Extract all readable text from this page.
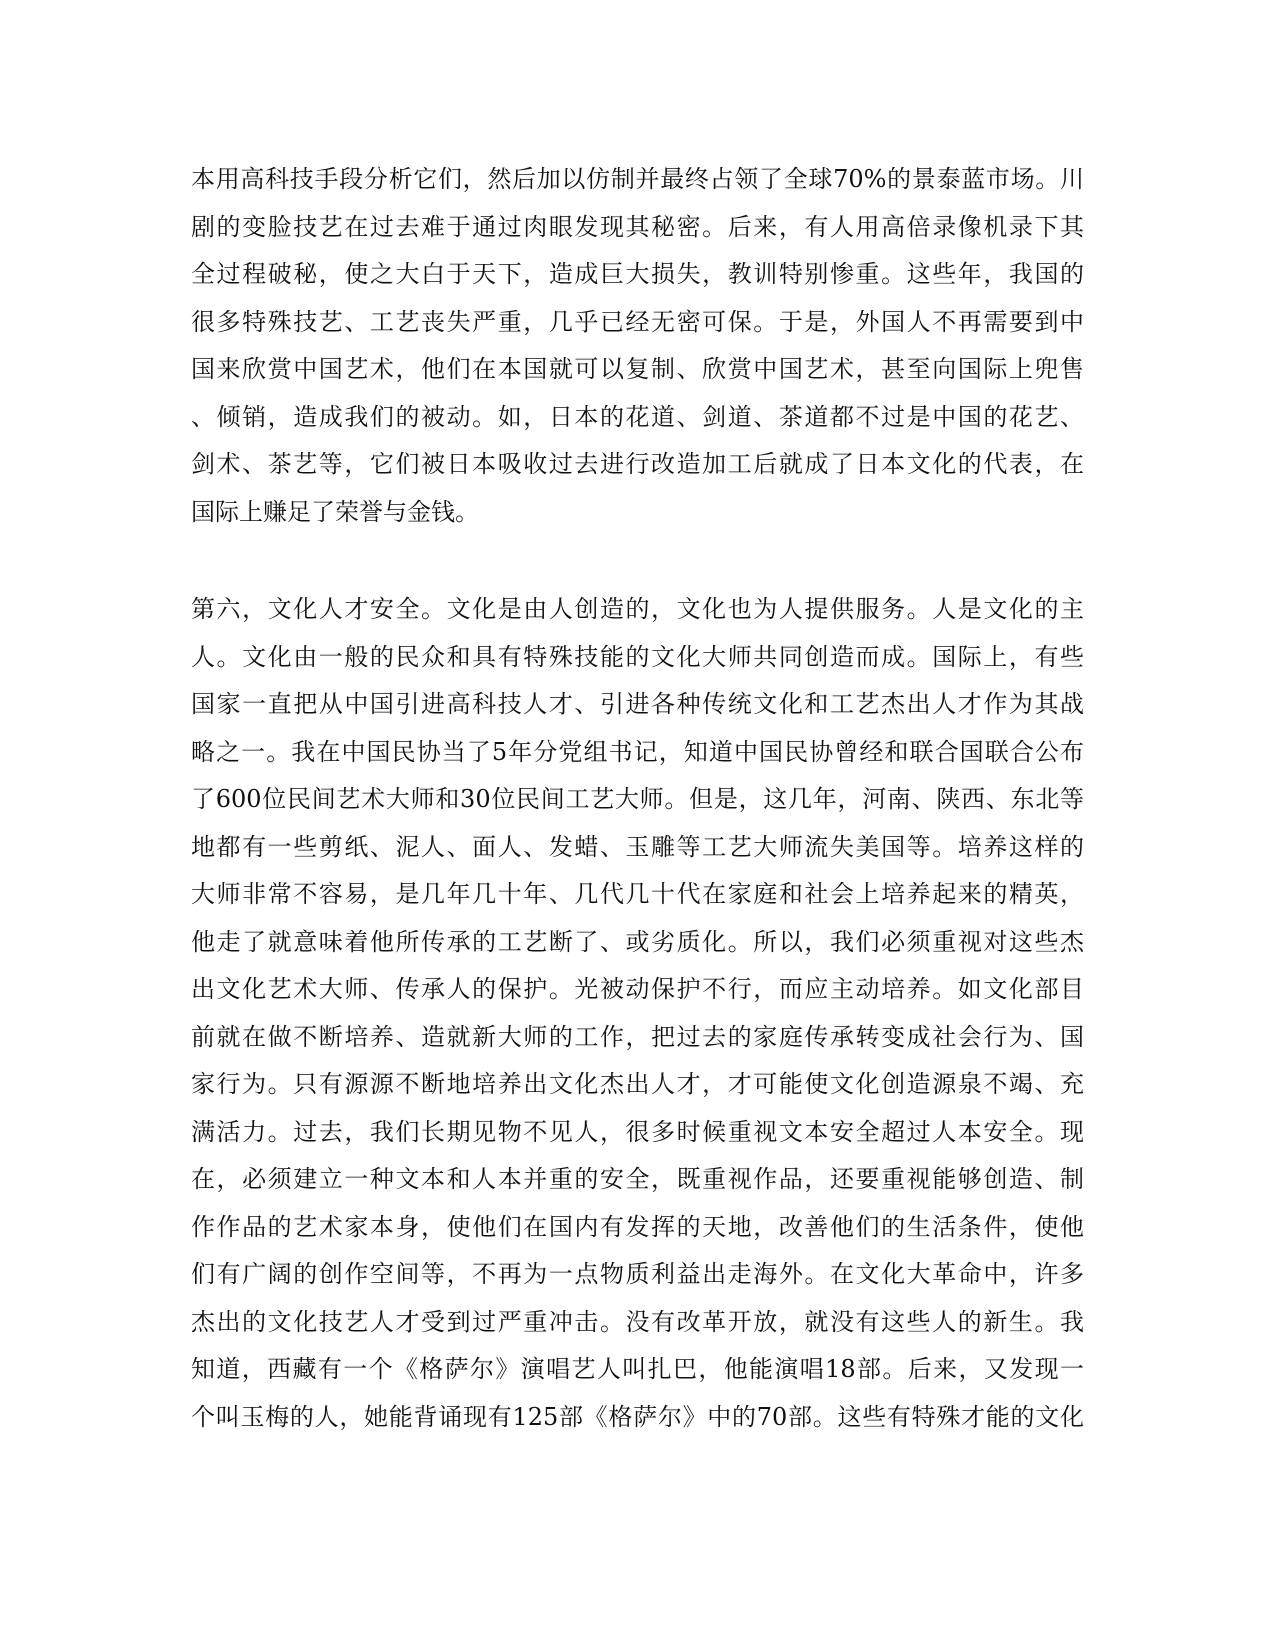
本用高科技手段分析它们，然后加以仿制并最终占领了全球70%的景泰蓝市场。川
剧的变脸技艺在过去难于通过肉眼发现其秘密。后来，有人用高倍录像机录下其
全过程破秘，使之大白于天下，造成巨大损失，教训特别惨重。这些年，我国的
很多特殊技艺、工艺丧失严重，几乎已经无密可保。于是，外国人不再需要到中
国来欣赏中国艺术，他们在本国就可以复制、欣赏中国艺术，甚至向国际上兜售
、倾销，造成我们的被动。如，日本的花道、剑道、茶道都不过是中国的花艺、
剑术、茶艺等，它们被日本吸收过去进行改造加工后就成了日本文化的代表，在
国际上赚足了荣誉与金钱。
第六，文化人才安全。文化是由人创造的，文化也为人提供服务。人是文化的主
人。文化由一般的民众和具有特殊技能的文化大师共同创造而成。国际上，有些
国家一直把从中国引进高科技人才、引进各种传统文化和工艺杰出人才作为其战
略之一。我在中国民协当了5年分党组书记，知道中国民协曾经和联合国联合公布
了600位民间艺术大师和30位民间工艺大师。但是，这几年，河南、陕西、东北等
地都有一些剪纸、泥人、面人、发蜡、玉雕等工艺大师流失美国等。培养这样的
大师非常不容易，是几年几十年、几代几十代在家庭和社会上培养起来的精英，
他走了就意味着他所传承的工艺断了、或劣质化。所以，我们必须重视对这些杰
出文化艺术大师、传承人的保护。光被动保护不行，而应主动培养。如文化部目
前就在做不断培养、造就新大师的工作，把过去的家庭传承转变成社会行为、国
家行为。只有源源不断地培养出文化杰出人才，才可能使文化创造源泉不竭、充
满活力。过去，我们长期见物不见人，很多时候重视文本安全超过人本安全。现
在，必须建立一种文本和人本并重的安全，既重视作品，还要重视能够创造、制
作作品的艺术家本身，使他们在国内有发挥的天地，改善他们的生活条件，使他
们有广阔的创作空间等，不再为一点物质利益出走海外。在文化大革命中，许多
杰出的文化技艺人才受到过严重冲击。没有改革开放，就没有这些人的新生。我
知道，西藏有一个《格萨尔》演唱艺人叫扎巴，他能演唱18部。后来，又发现一
个叫玉梅的人，她能背诵现有125部《格萨尔》中的70部。这些有特殊才能的文化
